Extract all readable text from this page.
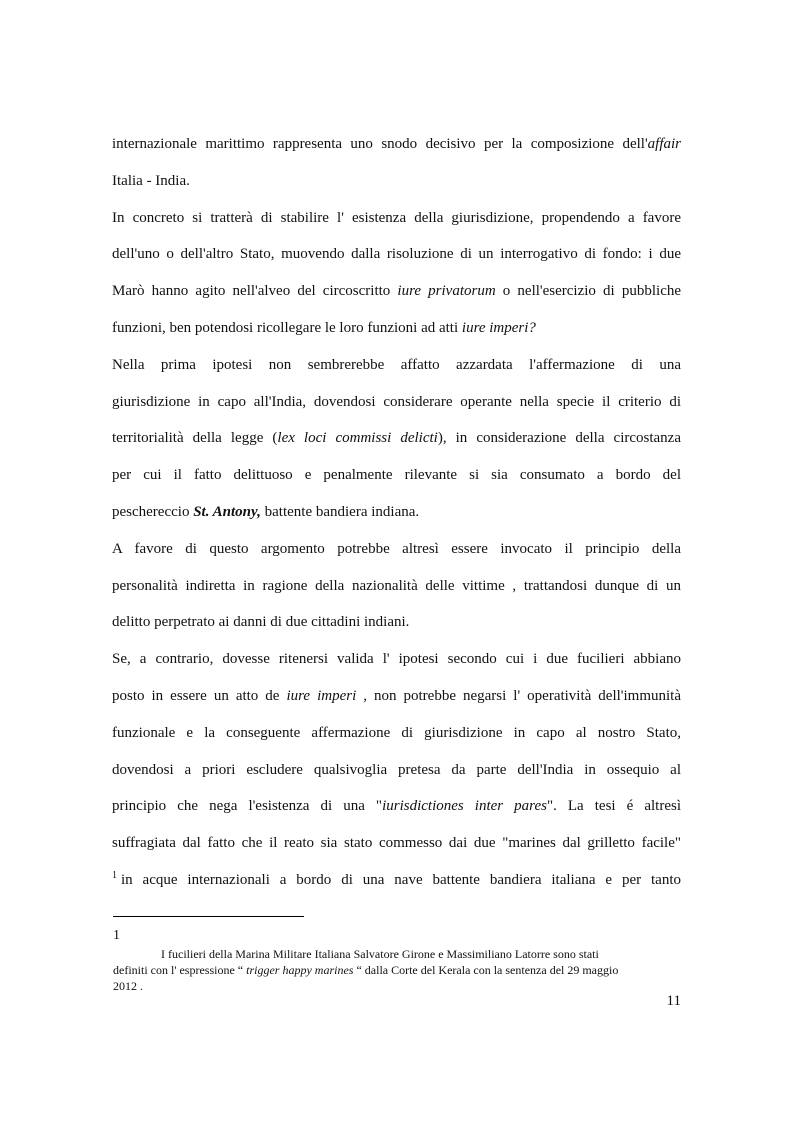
internazionale marittimo rappresenta uno snodo decisivo per la composizione dell'affair
Italia - India.
In concreto si tratterà di stabilire l' esistenza della giurisdizione, propendendo a favore
dell'uno o dell'altro Stato, muovendo dalla risoluzione di un interrogativo di fondo: i due
Marò hanno agito nell'alveo del circoscritto iure privatorum o nell'esercizio di pubbliche
funzioni, ben potendosi ricollegare le loro funzioni ad atti iure imperi?
Nella prima ipotesi non sembrerebbe affatto azzardata l'affermazione di una
giurisdizione in capo all'India, dovendosi considerare operante nella specie il criterio di
territorialità della legge (lex loci commissi delicti), in considerazione della circostanza
per cui il fatto delittuoso e penalmente rilevante si sia consumato a bordo del
peschereccio St. Antony, battente bandiera indiana.
A favore di questo argomento potrebbe altresì essere invocato il principio della
personalità indiretta in ragione della nazionalità delle vittime , trattandosi dunque di un
delitto perpetrato ai danni di due cittadini indiani.
Se, a contrario, dovesse ritenersi valida l' ipotesi secondo cui i due fucilieri abbiano
posto in essere un atto de iure imperi , non potrebbe negarsi l' operatività dell'immunità
funzionale e la conseguente affermazione di giurisdizione in capo al nostro Stato,
dovendosi a priori escludere qualsivoglia pretesa da parte dell'India in ossequio al
principio che nega l'esistenza di una "iurisdictiones inter pares". La tesi é altresì
suffragiata dal fatto che il reato sia stato commesso dai due "marines dal grilletto facile"
$^1$ in acque internazionali a bordo di una nave battente bandiera italiana e per tanto
1
I fucilieri della Marina Militare Italiana Salvatore Girone e Massimiliano Latorre sono stati
definiti con l' espressione “ trigger happy marines “ dalla Corte del Kerala con la sentenza del 29 maggio
2012 .
11
